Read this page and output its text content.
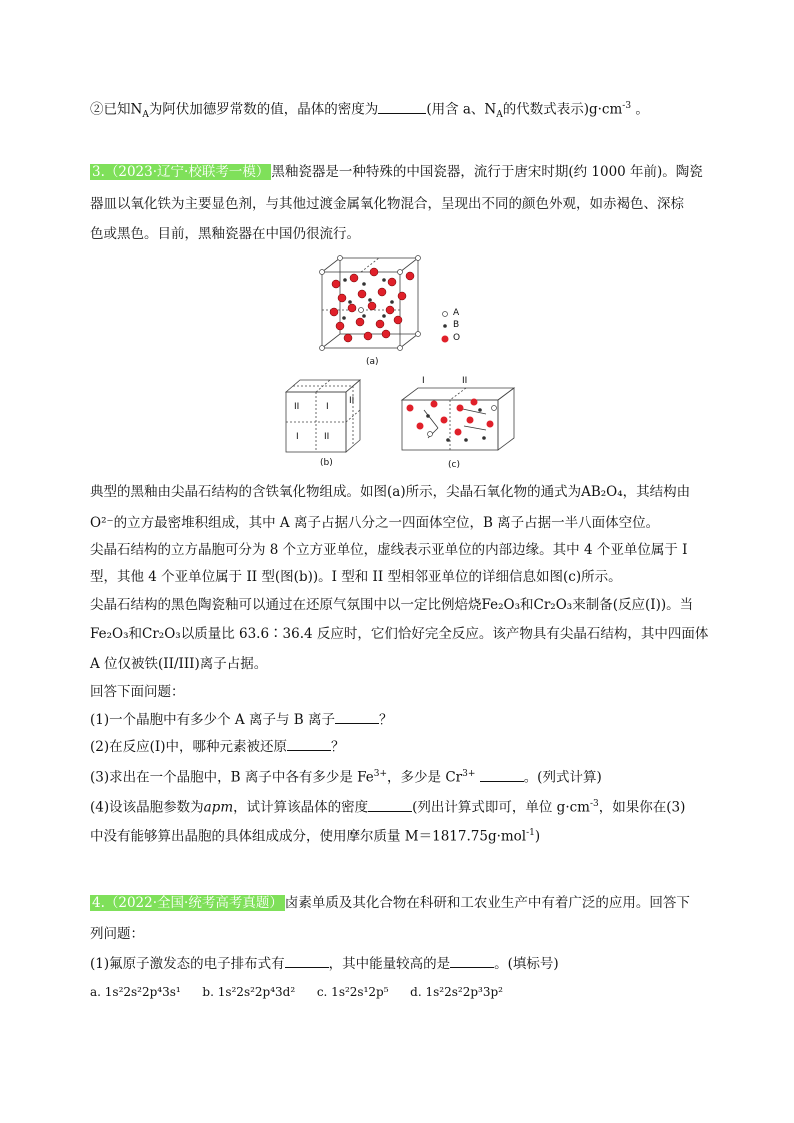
②已知$N_A$为阿伏加德罗常数的值，晶体的密度为	(用含 a、$N_A$的代数式表示)$g\cdot cm^{-3}$ 。
3.（2023·辽宁·校联考一模） 黑釉瓷器是一种特殊的中国瓷器，流行于唐宋时期(约 1000 年前)。陶瓷
器皿以氧化铁为主要显色剂，与其他过渡金属氧化物混合，呈现出不同的颜色外观，如赤褐色、深棕
色或黑色。目前，黑釉瓷器在中国仍很流行。
A
B
O
(a)
II	I
I	II
II
(b)
I	II
(c)
典型的黑釉由尖晶石结构的含铁氧化物组成。如图(a)所示，尖晶石氧化物的通式为AB₂O₄，其结构由
O²⁻的立方最密堆积组成，其中 A 离子占据八分之一四面体空位，B 离子占据一半八面体空位。
尖晶石结构的立方晶胞可分为 8 个立方亚单位，虚线表示亚单位的内部边缘。其中 4 个亚单位属于 I
型，其他 4 个亚单位属于 II 型(图(b))。I 型和 II 型相邻亚单位的详细信息如图(c)所示。
尖晶石结构的黑色陶瓷釉可以通过在还原气氛围中以一定比例焙烧Fe₂O₃和Cr₂O₃来制备(反应(I))。当
Fe₂O₃和Cr₂O₃以质量比 63.6∶36.4 反应时，它们恰好完全反应。该产物具有尖晶石结构，其中四面体
A 位仅被铁(II/III)离子占据。
回答下面问题：
(1)一个晶胞中有多少个 A 离子与 B 离子	？
(2)在反应(I)中，哪种元素被还原	？
(3)求出在一个晶胞中，B 离子中各有多少是 $Fe^{3+}$，多少是 $Cr^{3+}$	。(列式计算)
(4)设该晶胞参数为apm，试计算该晶体的密度	(列出计算式即可，单位 $g\cdot cm^{-3}$，如果你在(3)
中没有能够算出晶胞的具体组成成分，使用摩尔质量 M＝1817.75g·mol$^{-1}$)
4.（2022·全国·统考高考真题） 卤素单质及其化合物在科研和工农业生产中有着广泛的应用。回答下
列问题：
(1)氟原子激发态的电子排布式有	，其中能量较高的是	。(填标号)
a. 1s²2s²2p⁴3s¹ b. 1s²2s²2p⁴3d² c. 1s²2s¹2p⁵ d. 1s²2s²2p³3p²
